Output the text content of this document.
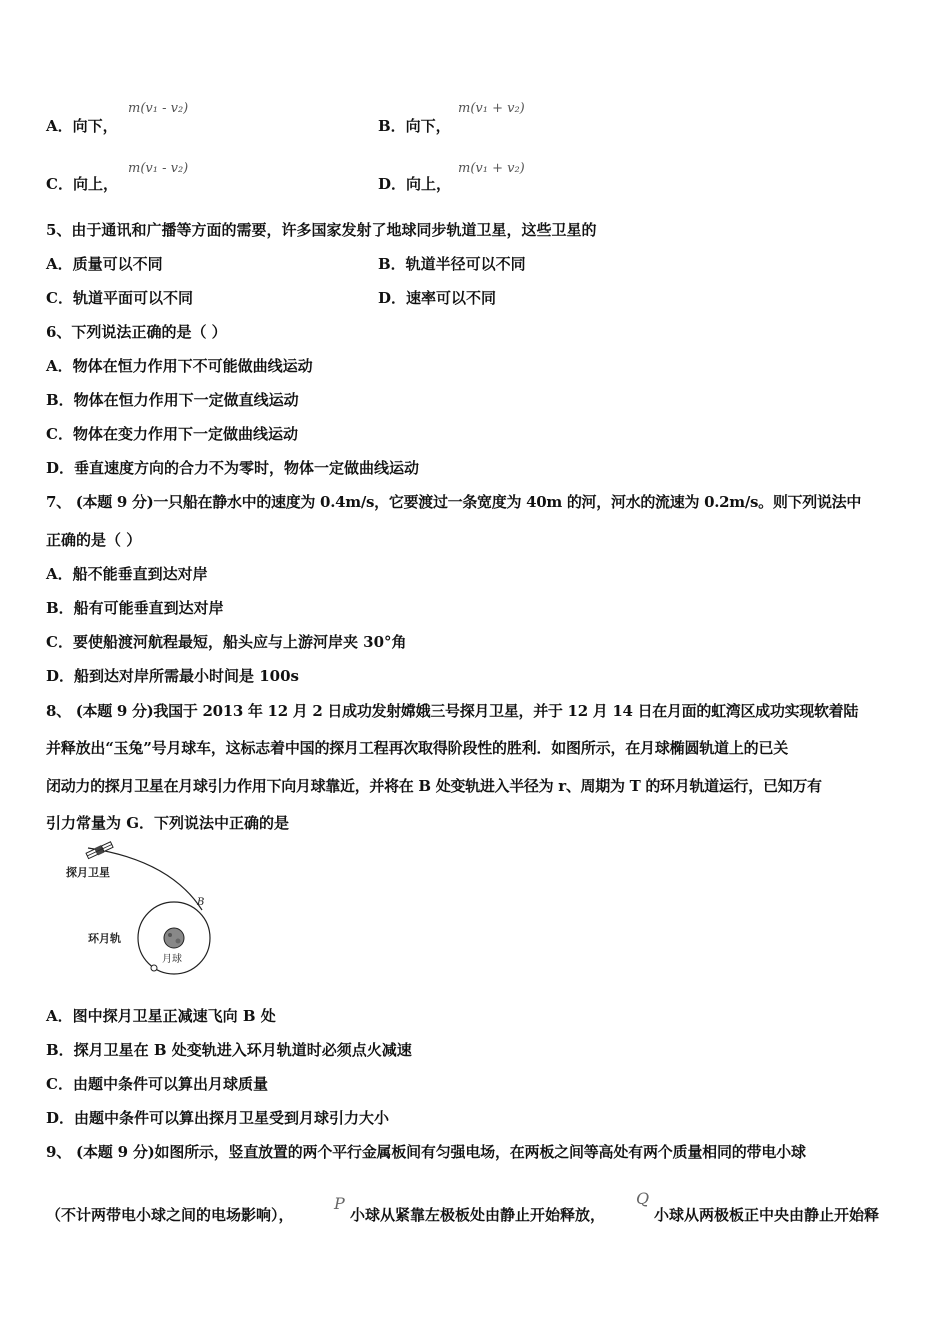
A．向下，
m(v₁ - v₂)
B．向下，
m(v₁ + v₂)
C．向上，
m(v₁ - v₂)
D．向上，
m(v₁ + v₂)
5、由于通讯和广播等方面的需要，许多国家发射了地球同步轨道卫星，这些卫星的
A．质量可以不同	B．轨道半径可以不同
C．轨道平面可以不同	D．速率可以不同
6、下列说法正确的是（ ）
A．物体在恒力作用下不可能做曲线运动
B．物体在恒力作用下一定做直线运动
C．物体在变力作用下一定做曲线运动
D．垂直速度方向的合力不为零时，物体一定做曲线运动
7、 (本题 9 分)一只船在静水中的速度为 0.4m/s，它要渡过一条宽度为 40m 的河，河水的流速为 0.2m/s。则下列说法中
正确的是（ ）
A．船不能垂直到达对岸
B．船有可能垂直到达对岸
C．要使船渡河航程最短，船头应与上游河岸夹 30°角
D．船到达对岸所需最小时间是 100s
8、 (本题 9 分)我国于 2013 年 12 月 2 日成功发射嫦娥三号探月卫星，并于 12 月 14 日在月面的虹湾区成功实现软着陆
并释放出“玉兔”号月球车，这标志着中国的探月工程再次取得阶段性的胜利．如图所示，在月球椭圆轨道上的已关
闭动力的探月卫星在月球引力作用下向月球靠近，并将在 B 处变轨进入半径为 r、周期为 T 的环月轨道运行，已知万有
引力常量为 G．下列说法中正确的是
探月卫星
B
月球
环月轨
A．图中探月卫星正减速飞向 B 处
B．探月卫星在 B 处变轨进入环月轨道时必须点火减速
C．由题中条件可以算出月球质量
D．由题中条件可以算出探月卫星受到月球引力大小
9、 (本题 9 分)如图所示，竖直放置的两个平行金属板间有匀强电场，在两板之间等高处有两个质量相同的带电小球
（不计两带电小球之间的电场影响），
P
小球从紧靠左极板处由静止开始释放，
Q
小球从两极板正中央由静止开始释
